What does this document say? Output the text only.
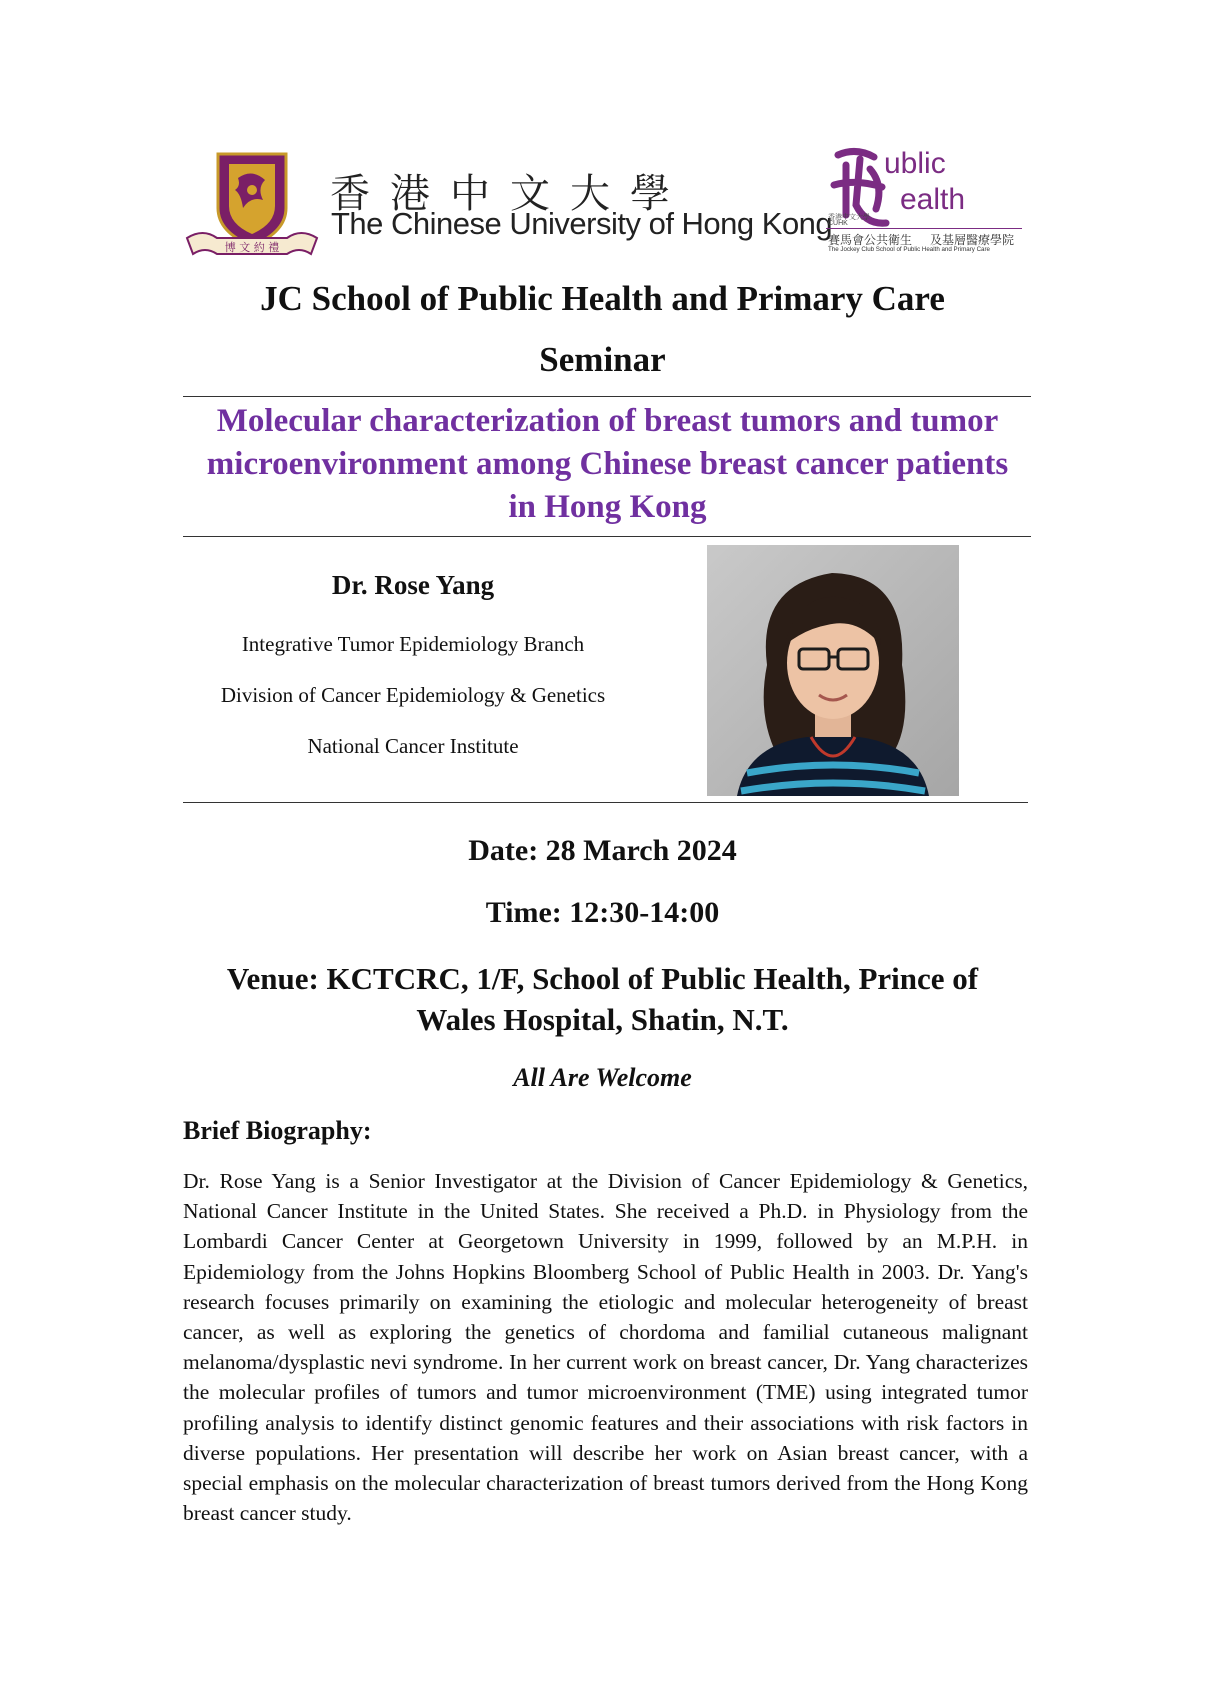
博 文 約 禮
香港中文大學
The Chinese University of Hong Kong
ublic
ealth
香港中文大學
CUHK
賽馬會公共衛生 及基層醫療學院
The Jockey Club School of Public Health and Primary Care
JC School of Public Health and Primary Care
Seminar
Molecular characterization of breast tumors and tumor microenvironment among Chinese breast cancer patients in Hong Kong
Dr. Rose Yang
Integrative Tumor Epidemiology Branch
Division of Cancer Epidemiology & Genetics
National Cancer Institute
Date: 28 March 2024
Time: 12:30-14:00
Venue: KCTCRC, 1/F, School of Public Health, Prince of Wales Hospital, Shatin, N.T.
All Are Welcome
Brief Biography:
Dr. Rose Yang is a Senior Investigator at the Division of Cancer Epidemiology & Genetics, National Cancer Institute in the United States. She received a Ph.D. in Physiology from the Lombardi Cancer Center at Georgetown University in 1999, followed by an M.P.H. in Epidemiology from the Johns Hopkins Bloomberg School of Public Health in 2003. Dr. Yang's research focuses primarily on examining the etiologic and molecular heterogeneity of breast cancer, as well as exploring the genetics of chordoma and familial cutaneous malignant melanoma/dysplastic nevi syndrome. In her current work on breast cancer, Dr. Yang characterizes the molecular profiles of tumors and tumor microenvironment (TME) using integrated tumor profiling analysis to identify distinct genomic features and their associations with risk factors in diverse populations. Her presentation will describe her work on Asian breast cancer, with a special emphasis on the molecular characterization of breast tumors derived from the Hong Kong breast cancer study.
